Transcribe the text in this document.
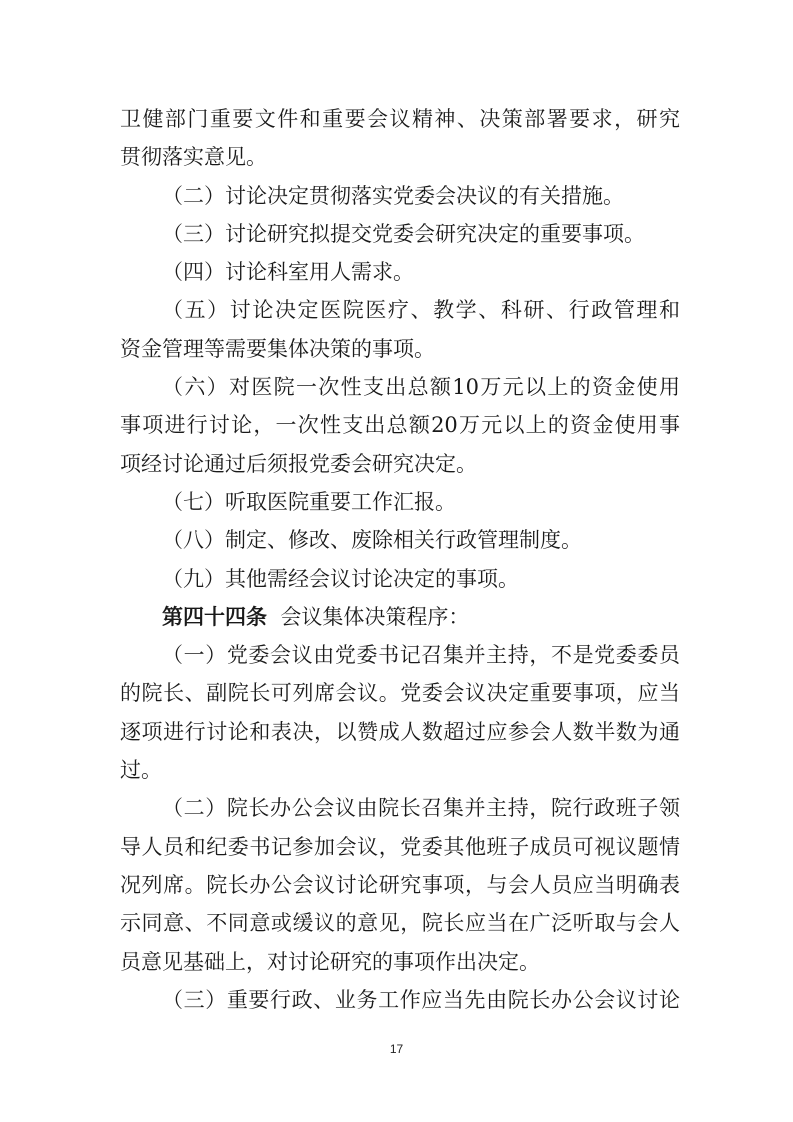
卫健部门重要文件和重要会议精神、决策部署要求，研究
贯彻落实意见。
（二）讨论决定贯彻落实党委会决议的有关措施。
（三）讨论研究拟提交党委会研究决定的重要事项。
（四）讨论科室用人需求。
（五）讨论决定医院医疗、教学、科研、行政管理和
资金管理等需要集体决策的事项。
（六）对医院一次性支出总额10万元以上的资金使用
事项进行讨论，一次性支出总额20万元以上的资金使用事
项经讨论通过后须报党委会研究决定。
（七）听取医院重要工作汇报。
（八）制定、修改、废除相关行政管理制度。
（九）其他需经会议讨论决定的事项。
第四十四条 会议集体决策程序：
（一）党委会议由党委书记召集并主持，不是党委委员
的院长、副院长可列席会议。党委会议决定重要事项，应当
逐项进行讨论和表决，以赞成人数超过应参会人数半数为通
过。
（二）院长办公会议由院长召集并主持，院行政班子领
导人员和纪委书记参加会议，党委其他班子成员可视议题情
况列席。院长办公会议讨论研究事项，与会人员应当明确表
示同意、不同意或缓议的意见，院长应当在广泛听取与会人
员意见基础上，对讨论研究的事项作出决定。
（三）重要行政、业务工作应当先由院长办公会议讨论
17
